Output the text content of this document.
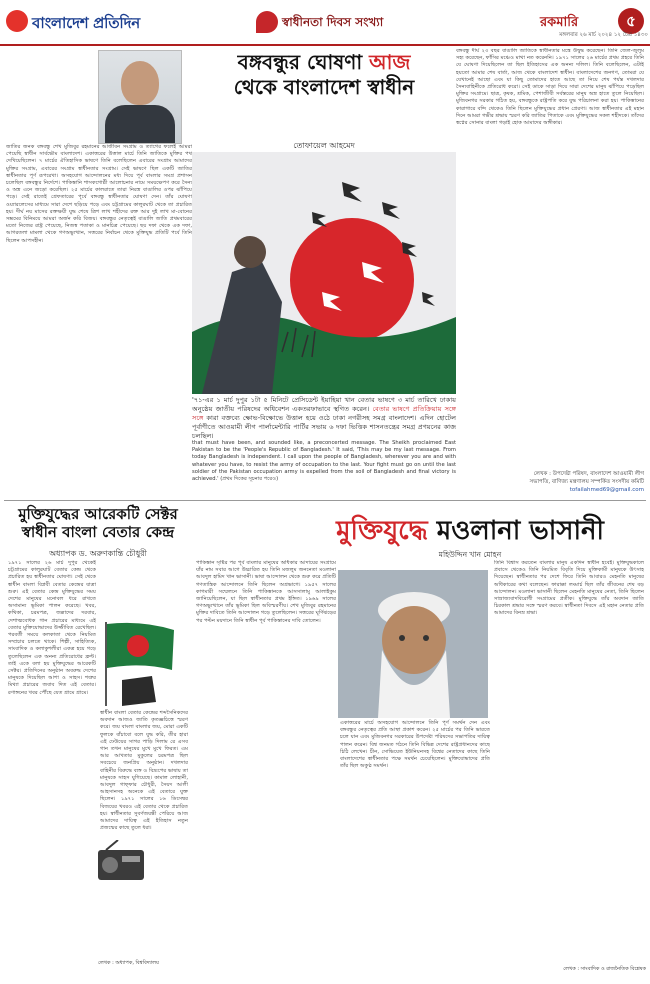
বাংলাদেশ প্রতিদিন	স্বাধীনতা দিবস সংখ্যা	রকমারি	৫
মঙ্গলবার ২৬ মার্চ ২০২৪ ১২ চৈত্র ১৪৩০
জাতির জনক বঙ্গবন্ধু শেখ মুজিবুর রহমানের আজীবন সংগ্রাম ও ত্যাগের ফলেই আমরা পেয়েছি স্বাধীন সার্বভৌম বাংলাদেশ। একাত্তরের উত্তাল মার্চে তিনি জাতিকে মুক্তির পথ দেখিয়েছিলেন। ৭ মার্চের ঐতিহাসিক ভাষণে তিনি বলেছিলেন এবারের সংগ্রাম আমাদের মুক্তির সংগ্রাম, এবারের সংগ্রাম স্বাধীনতার সংগ্রাম। সেই ভাষণে ছিল একটি জাতির স্বাধীনতার পূর্ণ রূপরেখা। অসহযোগ আন্দোলনের মধ্য দিয়ে পূর্ব বাংলার সমগ্র প্রশাসন চলেছিল বঙ্গবন্ধুর নির্দেশে। পাকিস্তানি শাসকগোষ্ঠী আলোচনার নামে সময়ক্ষেপণ করে সৈন্য ও অস্ত্র এনে জড়ো করেছিল। ২৫ মার্চের কালরাতে তারা নিরস্ত্র বাঙালির ওপর ঝাঁপিয়ে পড়ে। সেই রাতেই গ্রেফতারের পূর্বে বঙ্গবন্ধু স্বাধীনতার ঘোষণা দেন। তাঁর ঘোষণা ওয়্যারলেসের মাধ্যমে সারা দেশে ছড়িয়ে পড়ে এবং চট্টগ্রামের কালুরঘাট থেকে তা প্রচারিত হয়। দীর্ঘ নয় মাসের রক্তক্ষয়ী যুদ্ধ শেষে ত্রিশ লাখ শহীদের রক্ত আর দুই লাখ মা-বোনের সম্ভ্রমের বিনিময়ে আমরা অর্জন করি বিজয়। বঙ্গবন্ধুর নেতৃত্বেই বাঙালি জাতি প্রথমবারের মতো নিজের রাষ্ট্র পেয়েছে, নিজস্ব পতাকা ও মানচিত্র পেয়েছে। ছয় দফা থেকে এক দফা, আগরতলা মামলা থেকে গণঅভ্যুত্থান, সত্তরের নির্বাচন থেকে মুক্তিযুদ্ধ প্রতিটি পর্বে তিনি ছিলেন আপসহীন।
বঙ্গবন্ধুর ঘোষণা আজ
থেকে বাংলাদেশ স্বাধীন
তোফায়েল আহমেদ
'৭১-এর ১ মার্চ দুপুর ১টা ৫ মিনিটে প্রেসিডেন্ট ইয়াহিয়া খান বেতার ভাষণে ৩ মার্চ তারিখে ঢাকায় অনুষ্ঠেয় জাতীয় পরিষদের অধিবেশন একতরফাভাবে স্থগিত করেন। বেতার ভাষণে প্রতিক্রিয়ায় সঙ্গে সঙ্গে কারা বক্তব্যে ক্ষোভ-বিক্ষোভে উত্তাল হয়ে ওঠে ঢাকা নগরীসহ সমগ্র বাংলাদেশ। এদিন হোটেল পূর্বাণীতে আওয়ামী লীগ পার্লামেন্টারি পার্টির সভায় ৬ দফা ভিত্তিক শাসনতন্ত্রের সমগ্র প্রণয়নের কাজ চলছিল।
that must have been, and sounded like, a preconcerted message. The Sheikh proclaimed East Pakistan to be the 'People's Republic of Bangladesh.' It said, 'This may be my last message. From today Bangladesh is independent. I call upon the people of Bangladesh, wherever you are and with whatever you have, to resist the army of occupation to the last. Your fight must go on until the last soldier of the Pakistan occupation army is expelled from the soil of Bangladesh and final victory is achieved.' (প্রথম দিকের সূচনার পরেও)
বঙ্গবন্ধু দীর্ঘ ২৩ বছর বাঙালি জাতিকে স্বাধীনতার মন্ত্রে উদ্বুদ্ধ করেছেন। তিনি জেল-জুলুম সহ্য করেছেন, ফাঁসির মঞ্চেও মাথা নত করেননি। ১৯৭১ সালের ২৬ মার্চের প্রথম প্রহরে তিনি যে ঘোষণা দিয়েছিলেন তা ছিল ইতিহাসের এক অনন্য দলিল। তিনি বলেছিলেন, এটাই হয়তো আমার শেষ বার্তা, আজ থেকে বাংলাদেশ স্বাধীন। বাংলাদেশের জনগণ, তোমরা যে যেখানেই আছো এবং যা কিছু তোমাদের হাতে আছে তা নিয়ে শেষ পর্যন্ত দখলদার সৈন্যবাহিনীকে প্রতিরোধ করো। সেই ডাকে সাড়া দিয়ে সারা দেশের মানুষ ঝাঁপিয়ে পড়েছিল মুক্তির সংগ্রামে। ছাত্র, কৃষক, শ্রমিক, পেশাজীবী সর্বস্তরের মানুষ অস্ত্র হাতে তুলে নিয়েছিল। মুজিবনগর সরকার গঠিত হয়, বঙ্গবন্ধুকে রাষ্ট্রপতি করে যুদ্ধ পরিচালনা করা হয়। পাকিস্তানের কারাগারে বন্দি থেকেও তিনি ছিলেন মুক্তিযুদ্ধের প্রধান প্রেরণা। আজ স্বাধীনতার এই মহান দিনে আমরা গভীর শ্রদ্ধায় স্মরণ করি জাতির পিতাকে এবং মুক্তিযুদ্ধের সকল শহীদকে। তাঁদের স্বপ্নের সোনার বাংলা গড়াই হোক আমাদের অঙ্গীকার।
লেখক : উপদেষ্টা পরিষদ, বাংলাদেশ আওয়ামী লীগ
সভাপতি, বাণিজ্য মন্ত্রণালয় সম্পর্কিত সংসদীয় কমিটি
tofailahmed69@gmail.com
মুক্তিযুদ্ধের আরেকটি সেক্টর স্বাধীন বাংলা বেতার কেন্দ্র
অধ্যাপক ড. অরুণকান্তি চৌধুরী
১৯৭১ সালের ২৬ মার্চ দুপুর থেকেই চট্টগ্রামের কালুরঘাট বেতার কেন্দ্র থেকে প্রচারিত হয় স্বাধীনতার ঘোষণা। সেই থেকে স্বাধীন বাংলা বিপ্লবী বেতার কেন্দ্রের যাত্রা শুরু। এই বেতার কেন্দ্র মুক্তিযুদ্ধের সময় দেশের মানুষের মনোবল ধরে রাখতে অসামান্য ভূমিকা পালন করেছে। খবর, কথিকা, চরমপত্র, জল্লাদের দরবার, দেশাত্মবোধক গান প্রচারের মাধ্যমে এই বেতার মুক্তিযোদ্ধাদের উজ্জীবিত রেখেছিল। পরবর্তী সময়ে কলকাতা থেকে নিয়মিত সম্প্রচার চলতে থাকে। শিল্পী, সাহিত্যিক, সাংবাদিক ও কলাকুশলীরা একত্র হয়ে গড়ে তুলেছিলেন এক অনন্য প্রতিরোধের ফ্রন্ট। তাই একে বলা হয় মুক্তিযুদ্ধের আরেকটি সেক্টর। প্রতিদিনের অনুষ্ঠান অবরুদ্ধ দেশের মানুষকে দিয়েছিল আশা ও সাহস। শত্রুর মিথ্যা প্রচারের জবাব দিত এই বেতার। রণাঙ্গনের খবর পৌঁছে যেত গ্রামে গ্রামে।
স্বাধীন বাংলা বেতার কেন্দ্রের শব্দসৈনিকদের অবদান আজও জাতি কৃতজ্ঞচিত্তে স্মরণ করে। জয় বাংলা বাংলার জয়, মোরা একটি ফুলকে বাঁচাবো বলে যুদ্ধ করি, তীর হারা এই ঢেউয়ের সাগর পাড়ি দিলাম রে এসব গান তখন মানুষের মুখে মুখে ফিরত। এম আর আখতার মুকুলের চরমপত্র ছিল সবচেয়ে জনপ্রিয় অনুষ্ঠান। দখলদার বাহিনীর বিরুদ্ধে ব্যঙ্গ ও বিদ্রূপের ভাষায় তা মানুষকে সাহস যুগিয়েছে। কামাল লোহানী, আবদুল গাফ্ফার চৌধুরী, সৈয়দ আলী আহসানসহ অনেকে এই বেতারে যুক্ত ছিলেন। ১৯৭১ সালের ১৬ ডিসেম্বর বিজয়ের খবরও এই বেতার থেকে প্রচারিত হয়। স্বাধীনতার সুবর্ণজয়ন্তী পেরিয়ে আজ আমাদের দায়িত্ব এই ইতিহাস নতুন প্রজন্মের কাছে তুলে ধরা।
লেখক : অধ্যাপক, বিশ্ববিদ্যালয়
মুক্তিযুদ্ধে মওলানা ভাসানী
মহিউদ্দিন খান মোহন
পাকিস্তান সৃষ্টির পর পূর্ব বাংলার মানুষের অধিকার আদায়ের সংগ্রামে যাঁর নাম সবার আগে উচ্চারিত হয় তিনি মজলুম জননেতা মওলানা আবদুল হামিদ খান ভাসানী। ভাষা আন্দোলন থেকে শুরু করে প্রতিটি গণতান্ত্রিক আন্দোলনে তিনি ছিলেন অগ্রভাগে। ১৯৫৭ সালের কাগমারী সম্মেলনে তিনি পাকিস্তানকে আসসালামু আলাইকুম জানিয়েছিলেন, যা ছিল স্বাধীনতার প্রথম ইঙ্গিত। ১৯৬৯ সালের গণঅভ্যুত্থানে তাঁর ভূমিকা ছিল অবিস্মরণীয়। শেখ মুজিবুর রহমানের মুক্তির দাবিতে তিনি আন্দোলন গড়ে তুলেছিলেন। সত্তরের ঘূর্ণিঝড়ের পর পল্টন ময়দানে তিনি স্বাধীন পূর্ব পাকিস্তানের দাবি তোলেন।
একাত্তরের মার্চে অসহযোগ আন্দোলনে তিনি পূর্ণ সমর্থন দেন এবং বঙ্গবন্ধুর নেতৃত্বের প্রতি আস্থা প্রকাশ করেন। ২৫ মার্চের পর তিনি ভারতে চলে যান এবং মুজিবনগর সরকারের উপদেষ্টা পরিষদের সভাপতির দায়িত্ব পালন করেন। বিশ্ব জনমত গঠনে তিনি বিভিন্ন দেশের রাষ্ট্রপ্রধানদের কাছে চিঠি লেখেন। চীন, সোভিয়েত ইউনিয়নসহ বিশ্বের নেতাদের কাছে তিনি বাংলাদেশের স্বাধীনতার পক্ষে সমর্থন চেয়েছিলেন। মুক্তিযোদ্ধাদের প্রতি তাঁর ছিল অকুণ্ঠ সমর্থন।
তিনি বিশ্বাস করতেন বাংলার মানুষ একদিন স্বাধীন হবেই। মুক্তিযুদ্ধকালে প্রবাসে থেকেও তিনি নিয়মিত বিবৃতি দিয়ে মুক্তিকামী মানুষকে উৎসাহ দিয়েছেন। স্বাধীনতার পর দেশে ফিরে তিনি আবারও মেহনতি মানুষের অধিকারের কথা বলেছেন। ফারাক্কা লংমার্চ ছিল তাঁর জীবনের শেষ বড় আন্দোলন। মওলানা ভাসানী ছিলেন মেহনতি মানুষের নেতা, তিনি ছিলেন সাম্রাজ্যবাদবিরোধী সংগ্রামের প্রতীক। মুক্তিযুদ্ধে তাঁর অবদান জাতি চিরকাল শ্রদ্ধার সঙ্গে স্মরণ করবে। স্বাধীনতা দিবসে এই মহান নেতার প্রতি আমাদের বিনম্র শ্রদ্ধা।
লেখক : সাংবাদিক ও রাজনৈতিক বিশ্লেষক
